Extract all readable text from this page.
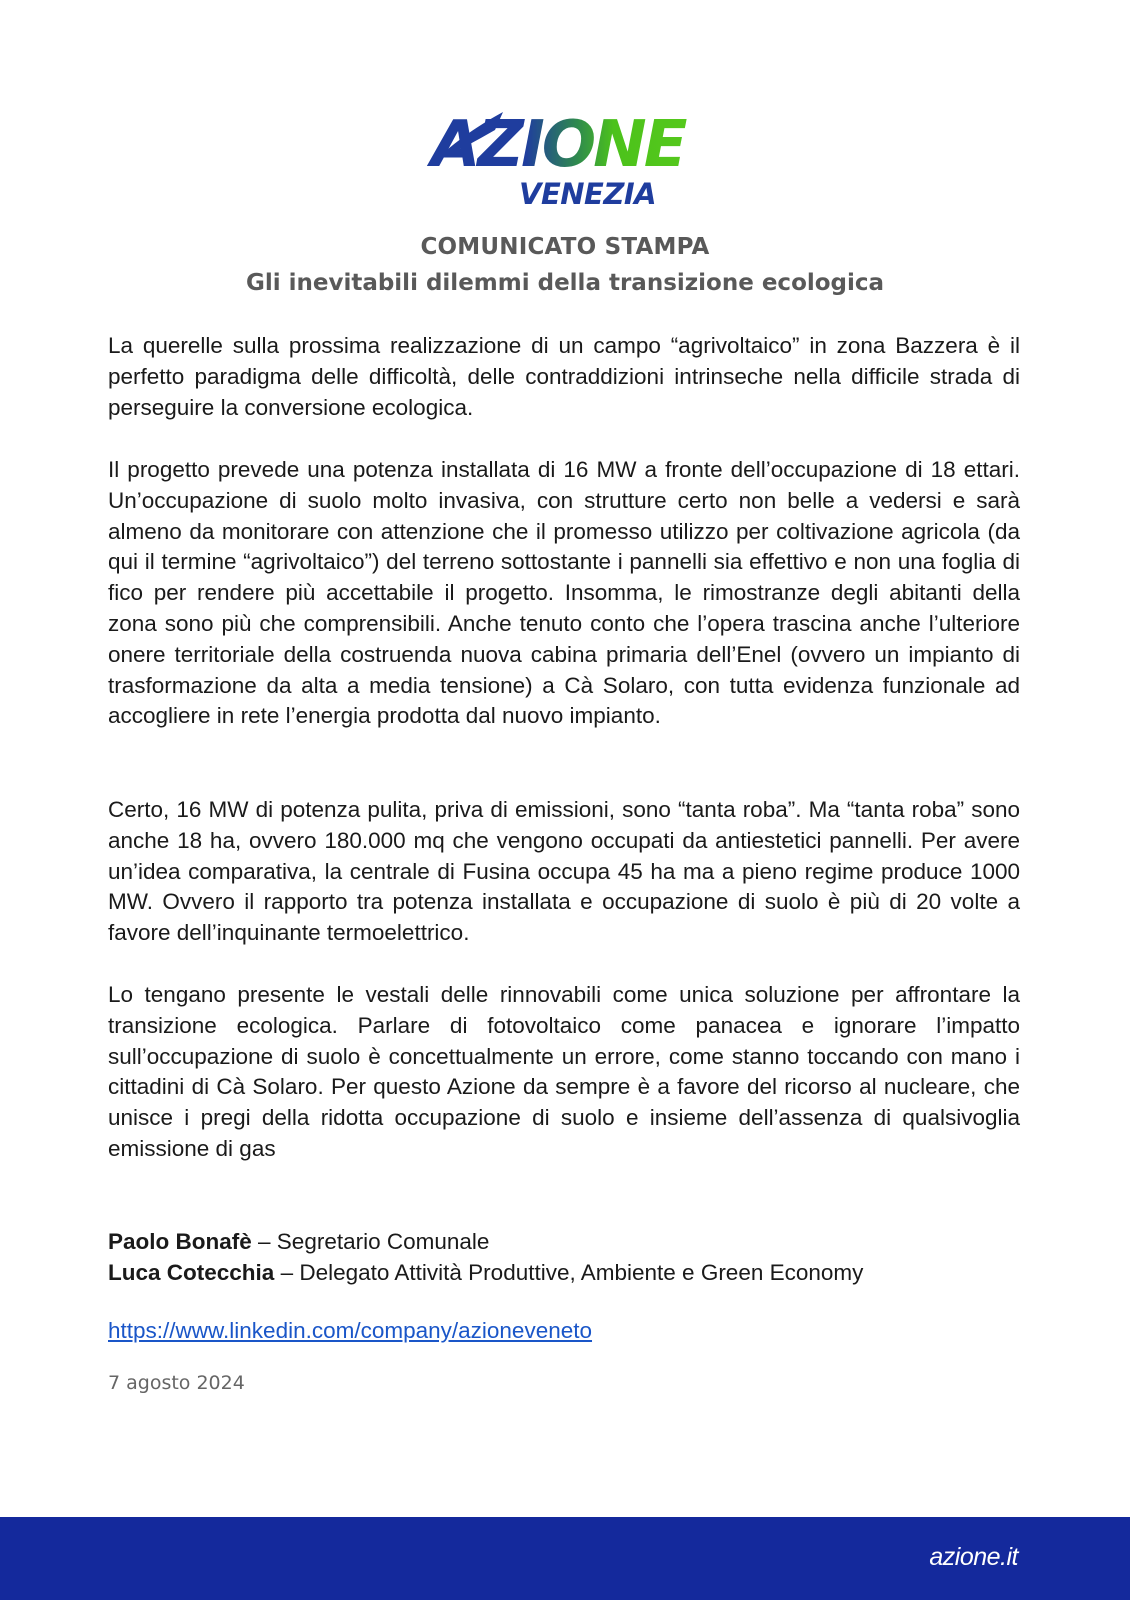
AZIONE
VENEZIA
COMUNICATO STAMPA
Gli inevitabili dilemmi della transizione ecologica

La querelle sulla prossima realizzazione di un campo “agrivoltaico” in zona Bazzera è il perfetto paradigma delle difficoltà, delle contraddizioni intrinseche nella difficile strada di perseguire la conversione ecologica.

Il progetto prevede una potenza installata di 16 MW a fronte dell’occupazione di 18 ettari. Un’occupazione di suolo molto invasiva, con strutture certo non belle a vedersi e sarà almeno da monitorare con attenzione che il promesso utilizzo per coltivazione agricola (da qui il termine “agrivoltaico”) del terreno sottostante i pannelli sia effettivo e non una foglia di fico per rendere più accettabile il progetto. Insomma, le rimostranze degli abitanti della zona sono più che comprensibili. Anche tenuto conto che l’opera trascina anche l’ulteriore onere territoriale della costruenda nuova cabina primaria dell’Enel (ovvero un impianto di trasformazione da alta a media tensione) a Cà Solaro, con tutta evidenza funzionale ad accogliere in rete l’energia prodotta dal nuovo impianto.

Certo, 16 MW di potenza pulita, priva di emissioni, sono “tanta roba”. Ma “tanta roba” sono anche 18 ha, ovvero 180.000 mq che vengono occupati da antiestetici pannelli. Per avere un’idea comparativa, la centrale di Fusina occupa 45 ha ma a pieno regime produce 1000 MW. Ovvero il rapporto tra potenza installata e occupazione di suolo è più di 20 volte a favore dell’inquinante termoelettrico.

Lo tengano presente le vestali delle rinnovabili come unica soluzione per affrontare la transizione ecologica. Parlare di fotovoltaico come panacea e ignorare l’impatto sull’occupazione di suolo è concettualmente un errore, come stanno toccando con mano i cittadini di Cà Solaro. Per questo Azione da sempre è a favore del ricorso al nucleare, che unisce i pregi della ridotta occupazione di suolo e insieme dell’assenza di qualsivoglia emissione di gas

Paolo Bonafè – Segretario Comunale
Luca Cotecchia – Delegato Attività Produttive, Ambiente e Green Economy
https://www.linkedin.com/company/azioneveneto
7 agosto 2024
azione.it
